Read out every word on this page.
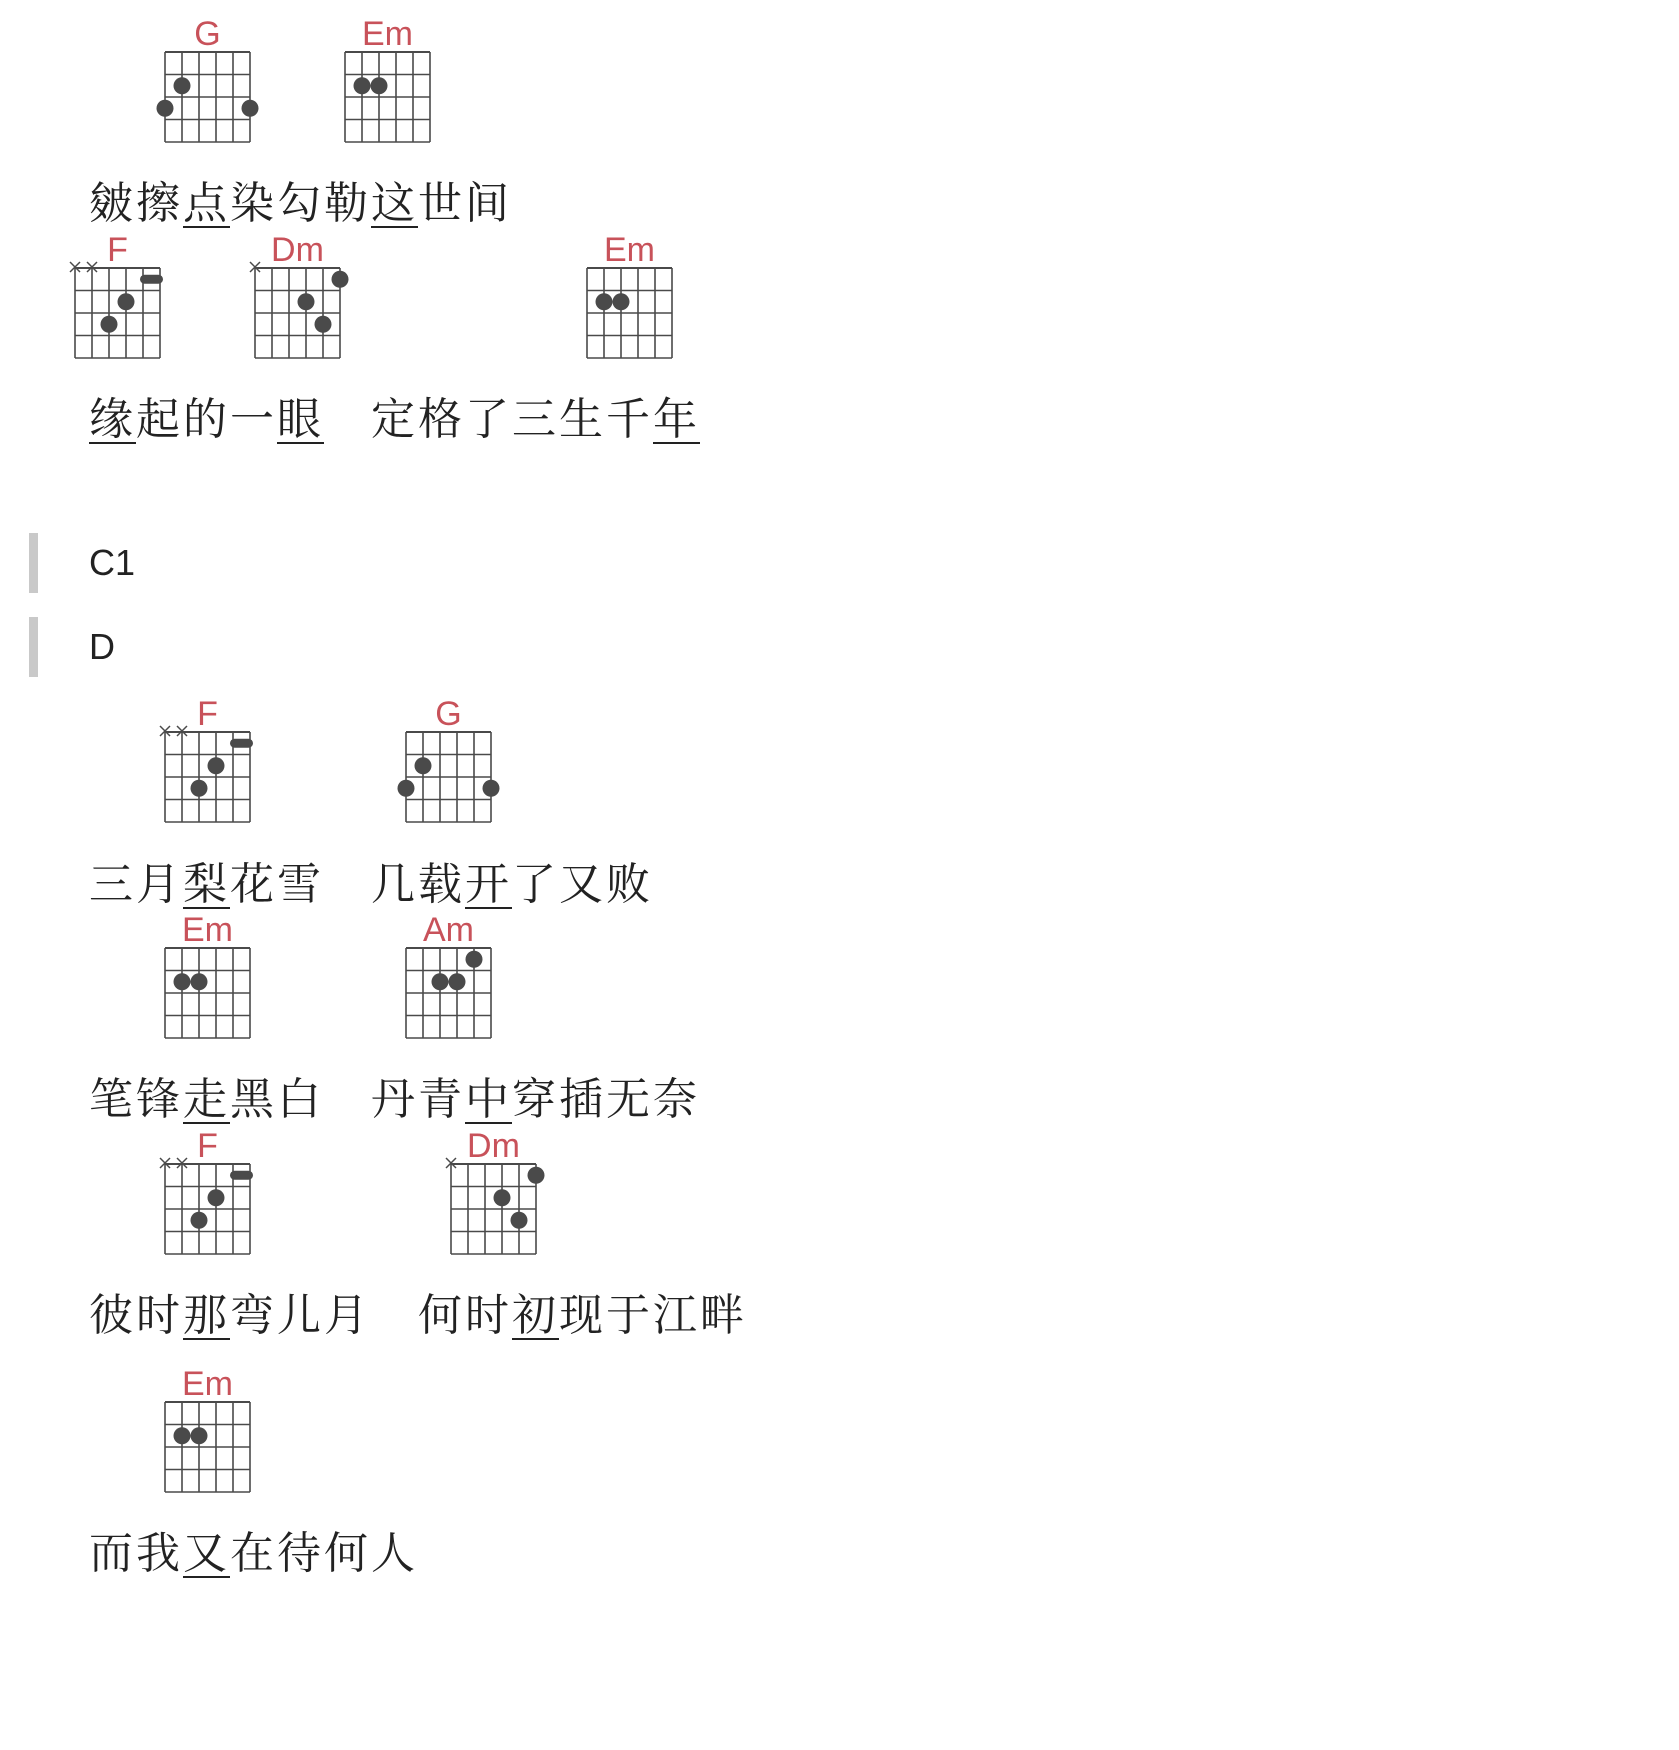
G	Em
皴擦点染勾勒这世间
F	Dm	Em
缘起的一眼 定格了三生千年
C1
D
F	G
三月梨花雪 几载开了又败
Em	Am
笔锋走黑白 丹青中穿插无奈
F	Dm
彼时那弯儿月 何时初现于江畔
Em
而我又在待何人
